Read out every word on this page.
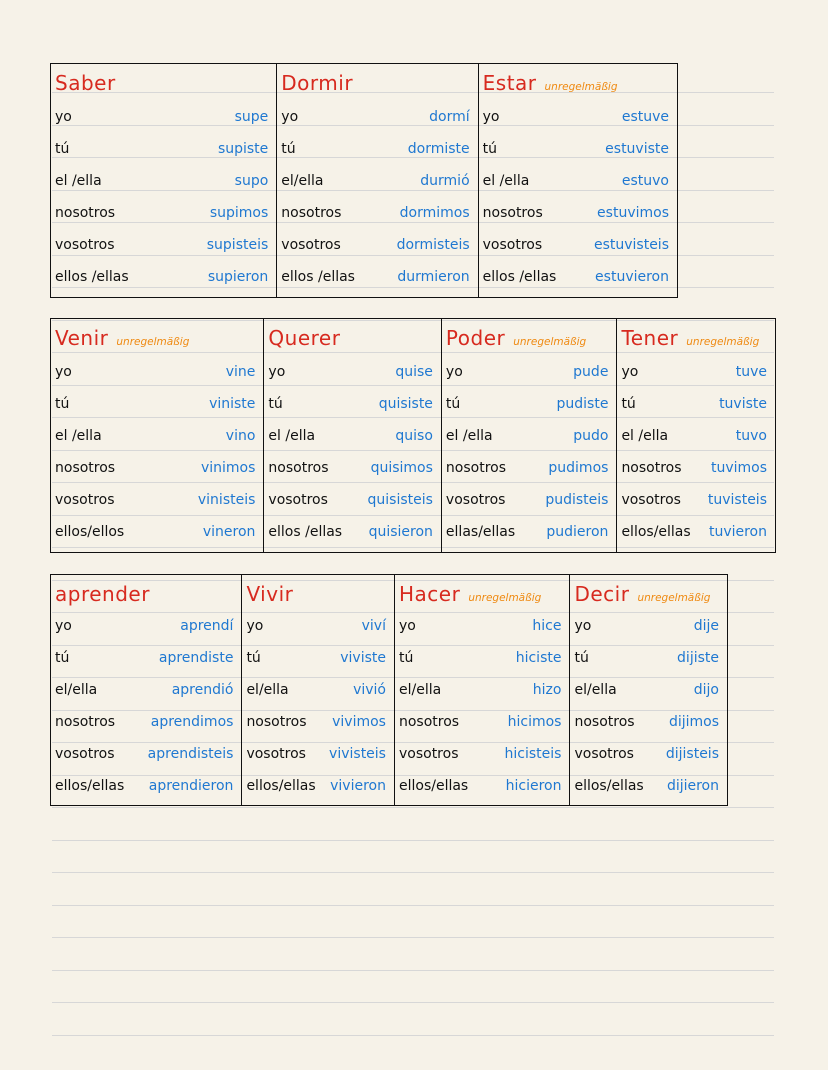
Saber
yo	supe
tú	supiste
el /ella	supo
nosotros	supimos
vosotros	supisteis
ellos /ellas	supieron
Dormir
yo	dormí
tú	dormiste
el/ella	durmió
nosotros	dormimos
vosotros	dormisteis
ellos /ellas	durmieron
Estar unregelmäßig
yo	estuve
tú	estuviste
el /ella	estuvo
nosotros	estuvimos
vosotros	estuvisteis
ellos /ellas	estuvieron
Venir unregelmäßig
yo	vine
tú	viniste
el /ella	vino
nosotros	vinimos
vosotros	vinisteis
ellos/ellos	vineron
Querer
yo	quise
tú	quisiste
el /ella	quiso
nosotros	quisimos
vosotros	quisisteis
ellos /ellas quisieron
Poder unregelmäßig
yo	pude
tú	pudiste
el /ella	pudo
nosotros	pudimos
vosotros	pudisteis
ellas/ellas pudieron
Tener unregelmäßig
yo	tuve
tú	tuviste
el /ella	tuvo
nosotros tuvimos
vosotros tuvisteis
ellos/ellas tuvieron
aprender
yo	aprendí
tú	aprendiste
el/ella	aprendió
nosotros	aprendimos
vosotros aprendisteis
ellos/ellas aprendieron
Vivir
yo	viví
tú	viviste
el/ella	vivió
nosotros vivimos
vosotros vivisteis
ellos/ellas vivieron
Hacer unregelmäßig
yo	hice
tú	hiciste
el/ella	hizo
nosotros	hicimos
vosotros	hicisteis
ellos/ellas	hicieron
Decir unregelmäßig
yo	dije
tú	dijiste
el/ella	dijo
nosotros dijimos
vosotros dijisteis
ellos/ellas dijieron
